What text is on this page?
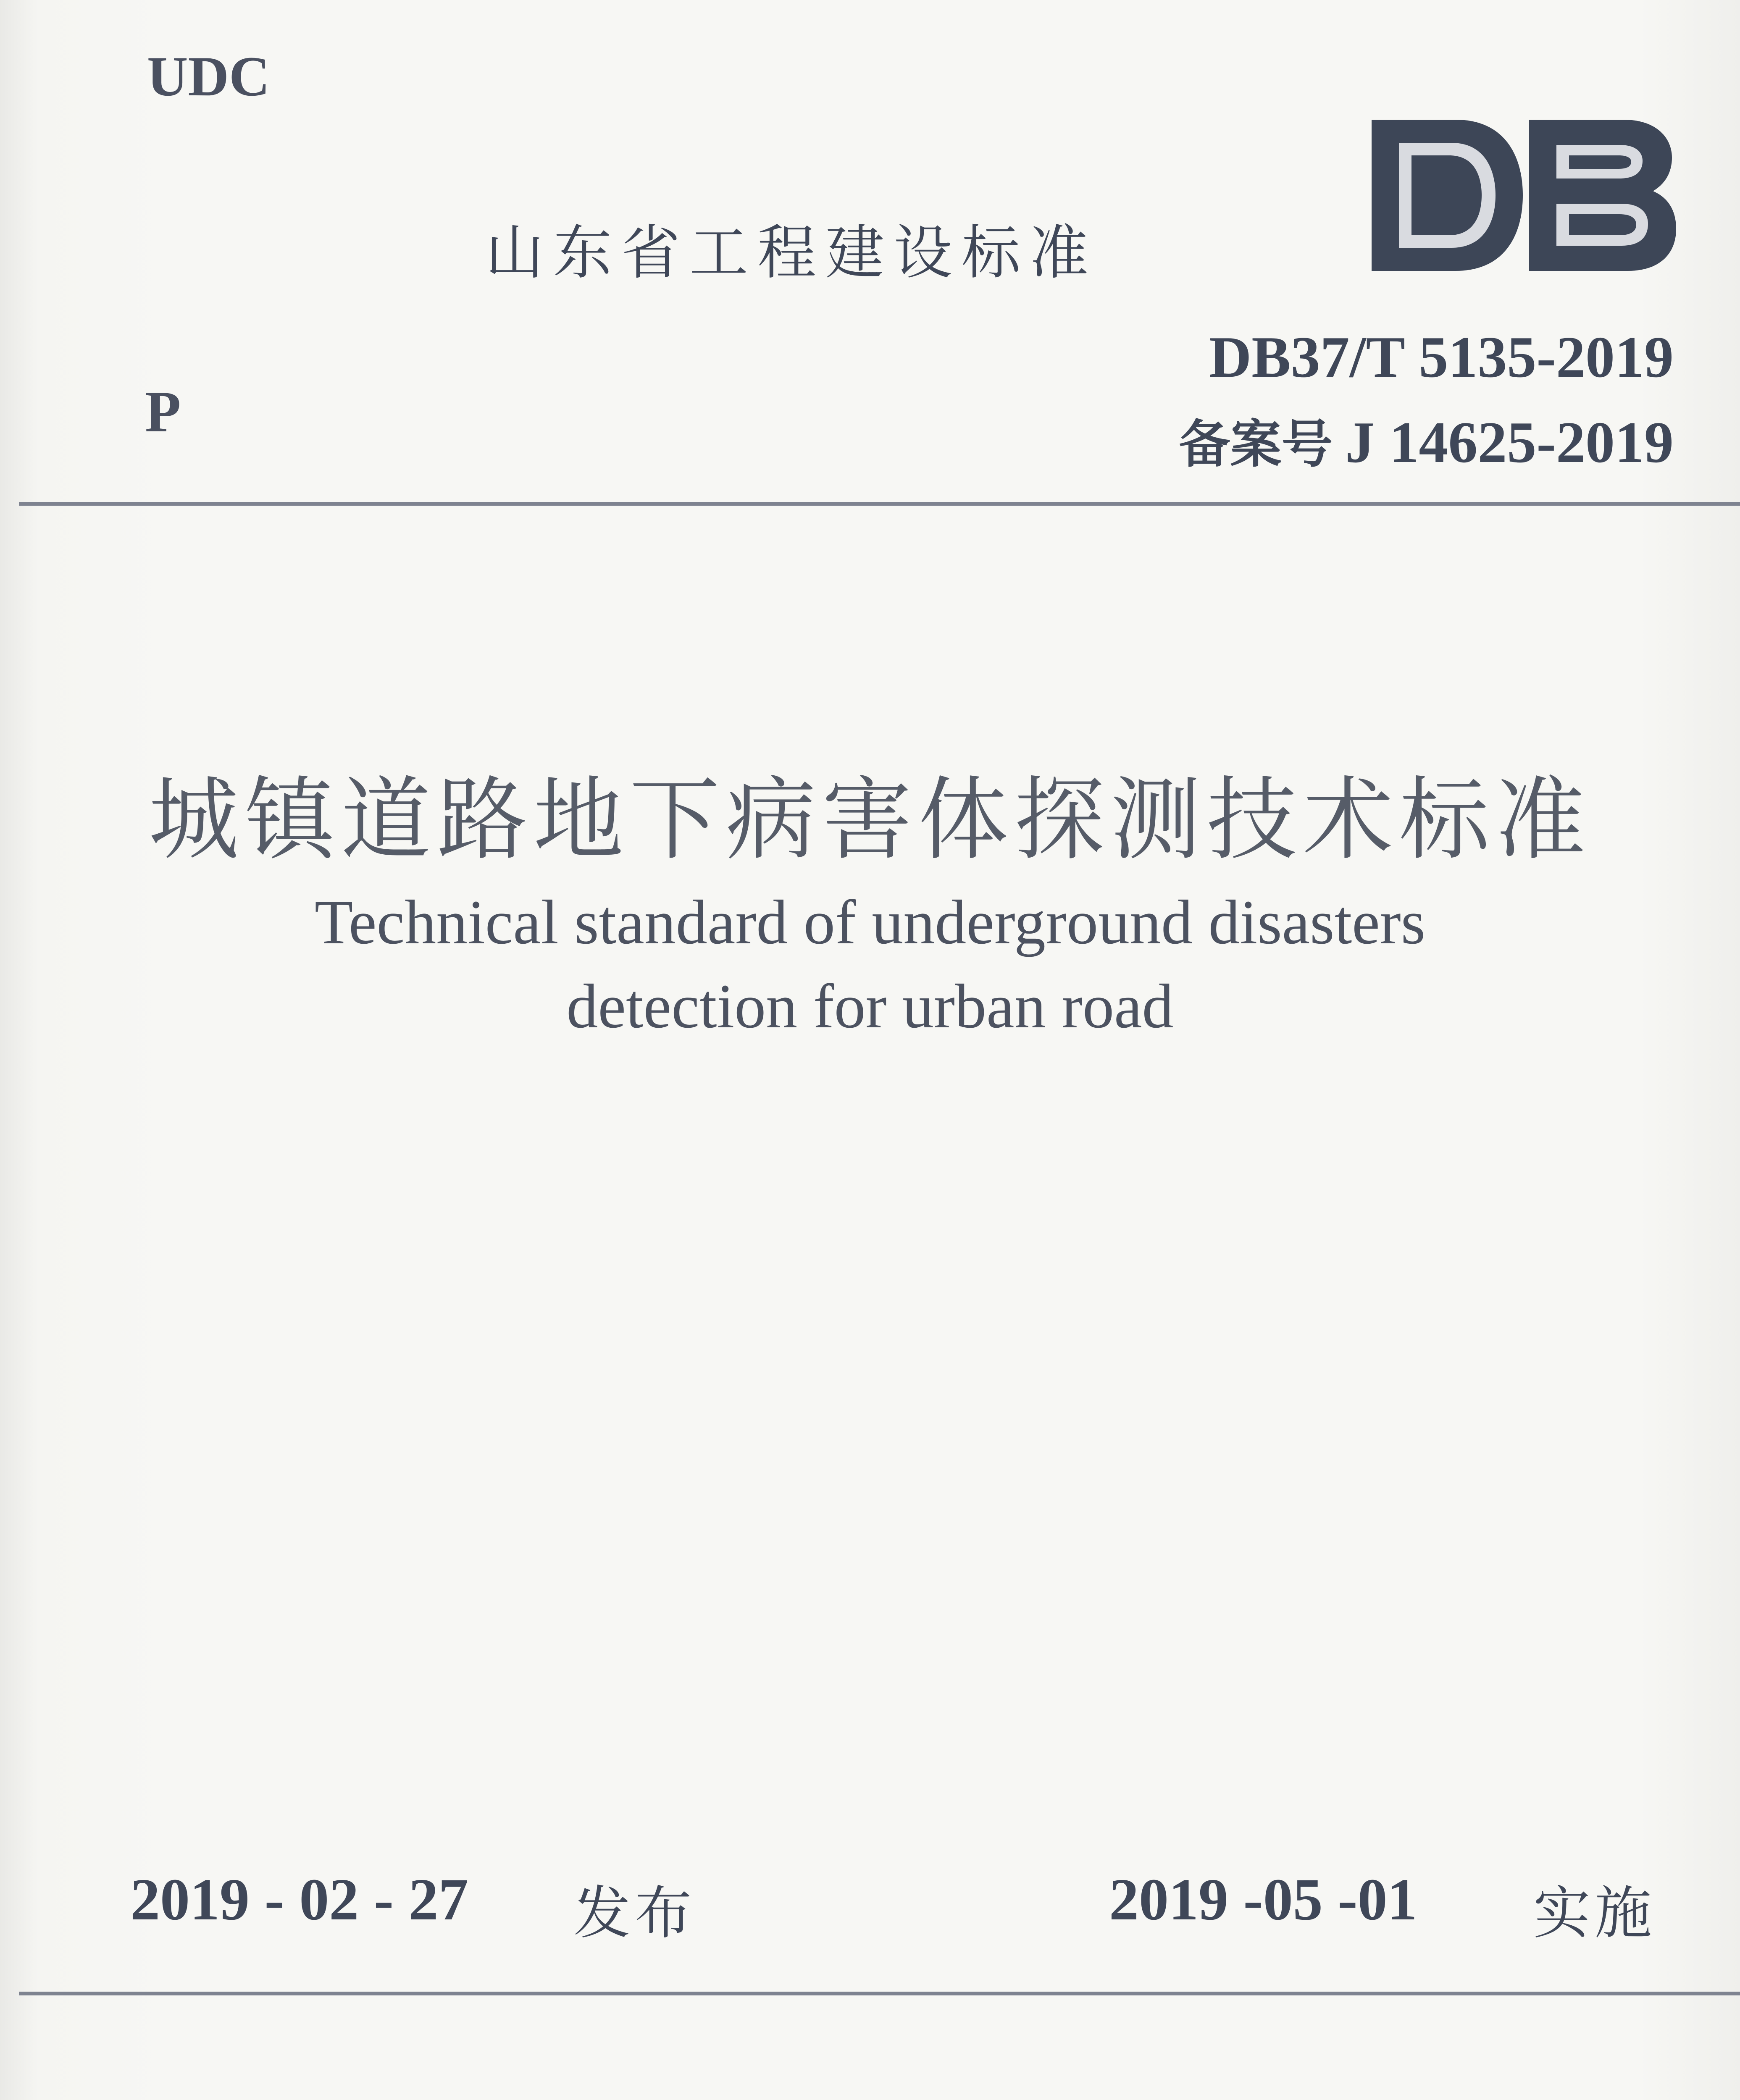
UDC
山东省工程建设标准
P
DB37/T 5135-2019
备案号 J 14625-2019
城镇道路地下病害体探测技术标准
Technical standard of underground disasters
detection for urban road
2019 - 02 - 27 发布	2019 -05 -01 实施
